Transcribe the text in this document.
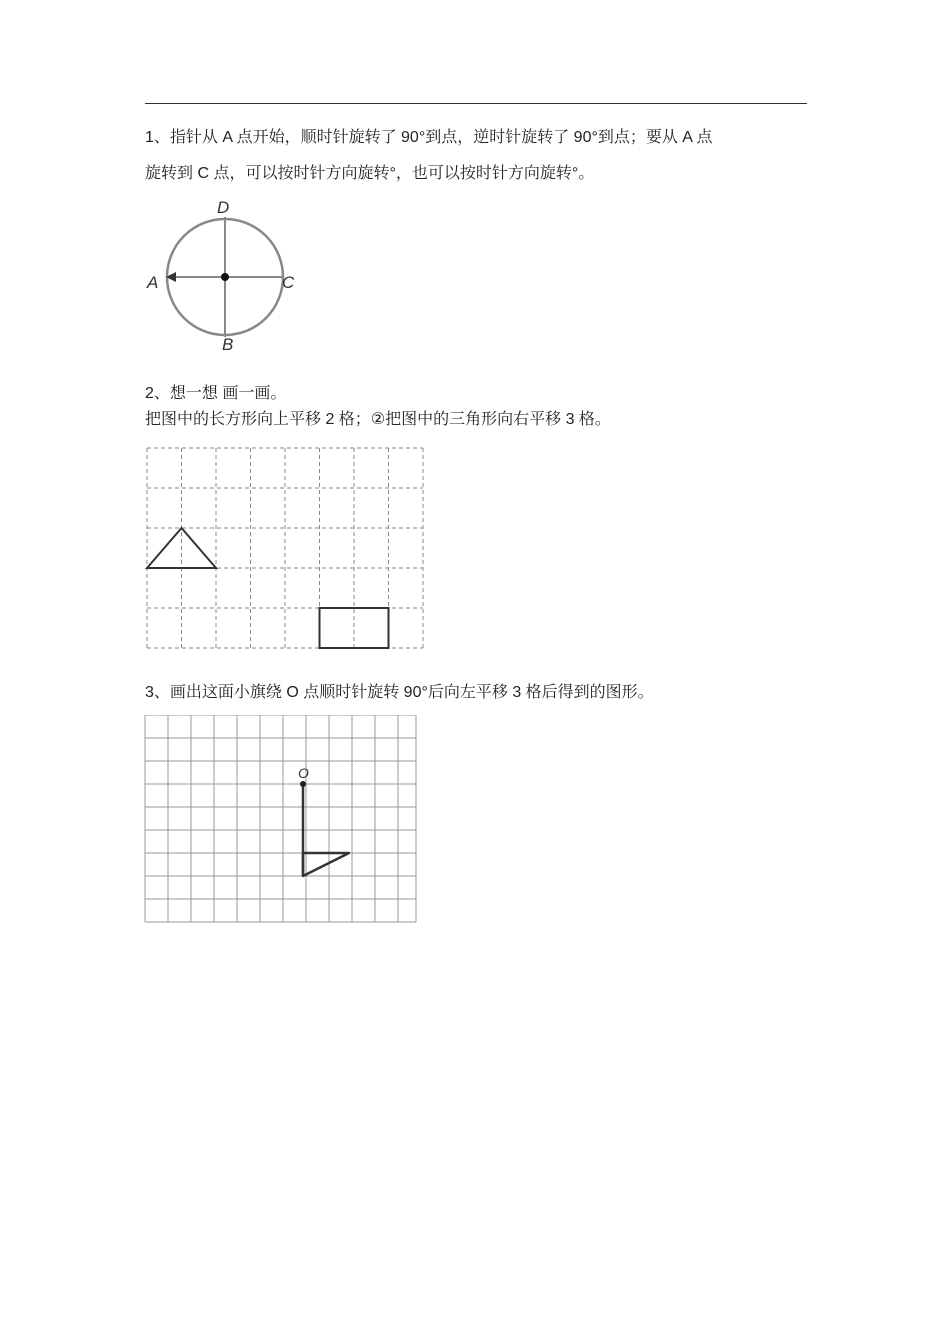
1、指针从 A 点开始，顺时针旋转了 90°到点，逆时针旋转了 90°到点；要从 A 点
旋转到 C 点，可以按时针方向旋转°，也可以按时针方向旋转°。
D
A	C
B
2、想一想 画一画。
把图中的长方形向上平移 2 格；②把图中的三角形向右平移 3 格。
3、画出这面小旗绕 O 点顺时针旋转 90°后向左平移 3 格后得到的图形。
O
